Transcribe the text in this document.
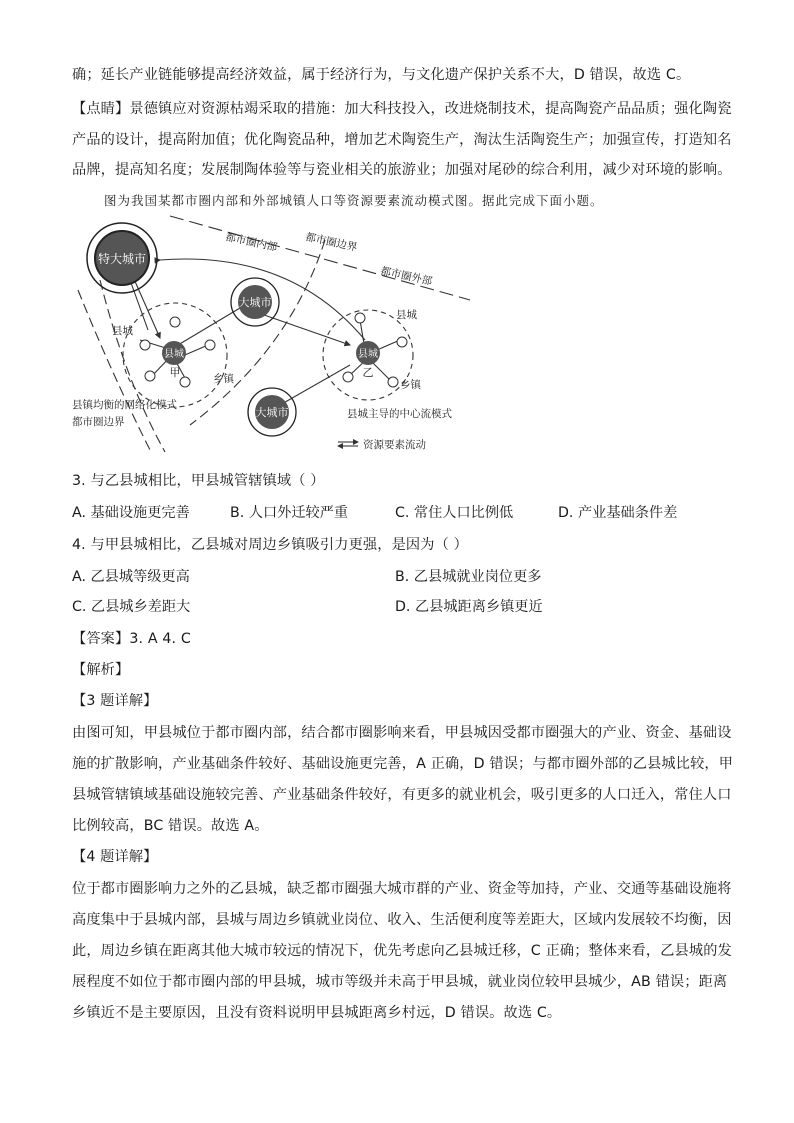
确；延长产业链能够提高经济效益，属于经济行为，与文化遗产保护关系不大，D 错误，故选 C。
【点睛】景德镇应对资源枯竭采取的措施：加大科技投入，改进烧制技术，提高陶瓷产品品质；强化陶瓷
产品的设计，提高附加值；优化陶瓷品种，增加艺术陶瓷生产，淘汰生活陶瓷生产；加强宣传，打造知名
品牌，提高知名度；发展制陶体验等与瓷业相关的旅游业；加强对尾砂的综合利用，减少对环境的影响。
图为我国某都市圈内部和外部城镇人口等资源要素流动模式图。据此完成下面小题。
特大城市
大城市
大城市
县城	县城
甲	乙
都市圈内部 都市圈边界
都市圈外部
县城
县城
乡镇	乡镇
县镇均衡的网络化模式
都市圈边界
县城主导的中心流模式
资源要素流动
3. 与乙县城相比，甲县城管辖镇域（ ）
A. 基础设施更完善	B. 人口外迁较严重	C. 常住人口比例低	D. 产业基础条件差
4. 与甲县城相比，乙县城对周边乡镇吸引力更强，是因为（ ）
A. 乙县城等级更高	B. 乙县城就业岗位更多
C. 乙县城乡差距大	D. 乙县城距离乡镇更近
【答案】3. A 4. C
【解析】
【3 题详解】
由图可知，甲县城位于都市圈内部，结合都市圈影响来看，甲县城因受都市圈强大的产业、资金、基础设
施的扩散影响，产业基础条件较好、基础设施更完善，A 正确，D 错误；与都市圈外部的乙县城比较，甲
县城管辖镇域基础设施较完善、产业基础条件较好，有更多的就业机会，吸引更多的人口迁入，常住人口
比例较高，BC 错误。故选 A。
【4 题详解】
位于都市圈影响力之外的乙县城，缺乏都市圈强大城市群的产业、资金等加持，产业、交通等基础设施将
高度集中于县城内部，县城与周边乡镇就业岗位、收入、生活便利度等差距大，区域内发展较不均衡，因
此，周边乡镇在距离其他大城市较远的情况下，优先考虑向乙县城迁移，C 正确；整体来看，乙县城的发
展程度不如位于都市圈内部的甲县城，城市等级并未高于甲县城，就业岗位较甲县城少，AB 错误；距离
乡镇近不是主要原因，且没有资料说明甲县城距离乡村远，D 错误。故选 C。
